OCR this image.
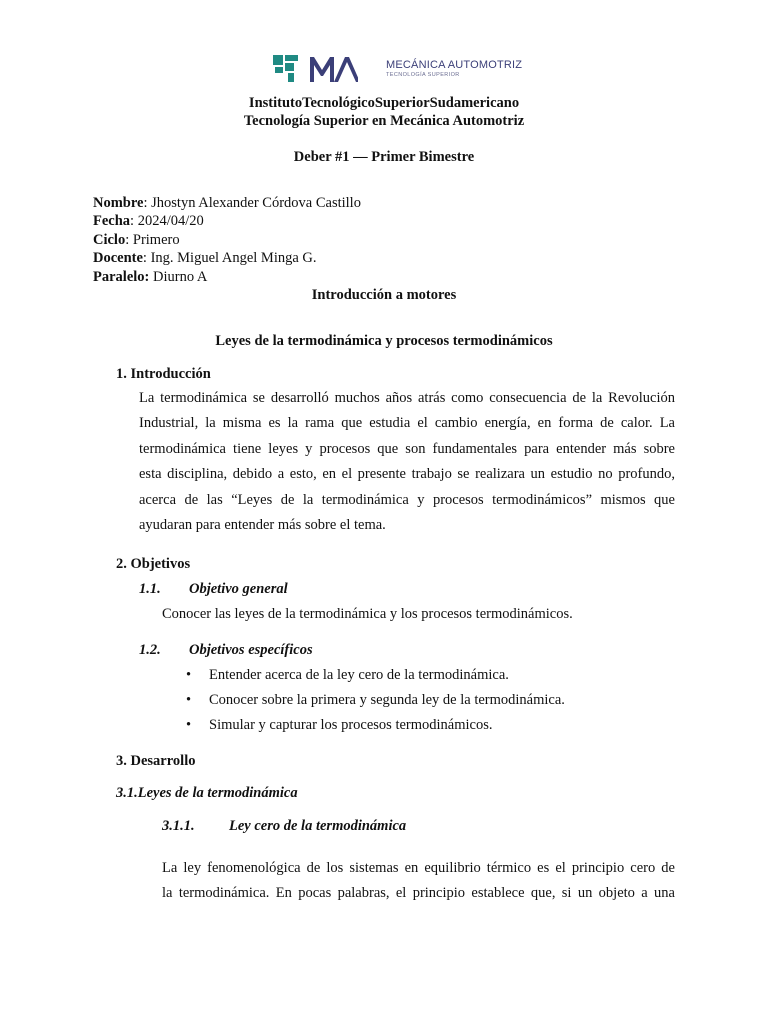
MECÁNICA AUTOMOTRIZ
TECNOLOGÍA SUPERIOR
InstitutoTecnológicoSuperiorSudamericano
Tecnología Superior en Mecánica Automotriz
Deber #1 — Primer Bimestre
Nombre: Jhostyn Alexander Córdova Castillo
Fecha: 2024/04/20
Ciclo: Primero
Docente: Ing. Miguel Angel Minga G.
Paralelo: Diurno A
Introducción a motores
Leyes de la termodinámica y procesos termodinámicos
1. Introducción
La termodinámica se desarrolló muchos años atrás como consecuencia de la Revolución
Industrial, la misma es la rama que estudia el cambio energía, en forma de calor. La
termodinámica tiene leyes y procesos que son fundamentales para entender más sobre
esta disciplina, debido a esto, en el presente trabajo se realizara un estudio no profundo,
acerca de las “Leyes de la termodinámica y procesos termodinámicos” mismos que
ayudaran para entender más sobre el tema.
2. Objetivos
1.1. Objetivo general
Conocer las leyes de la termodinámica y los procesos termodinámicos.
1.2. Objetivos específicos
• Entender acerca de la ley cero de la termodinámica.
• Conocer sobre la primera y segunda ley de la termodinámica.
• Simular y capturar los procesos termodinámicos.
3. Desarrollo
3.1.Leyes de la termodinámica
3.1.1. Ley cero de la termodinámica
La ley fenomenológica de los sistemas en equilibrio térmico es el principio cero de
la termodinámica. En pocas palabras, el principio establece que, si un objeto a una
